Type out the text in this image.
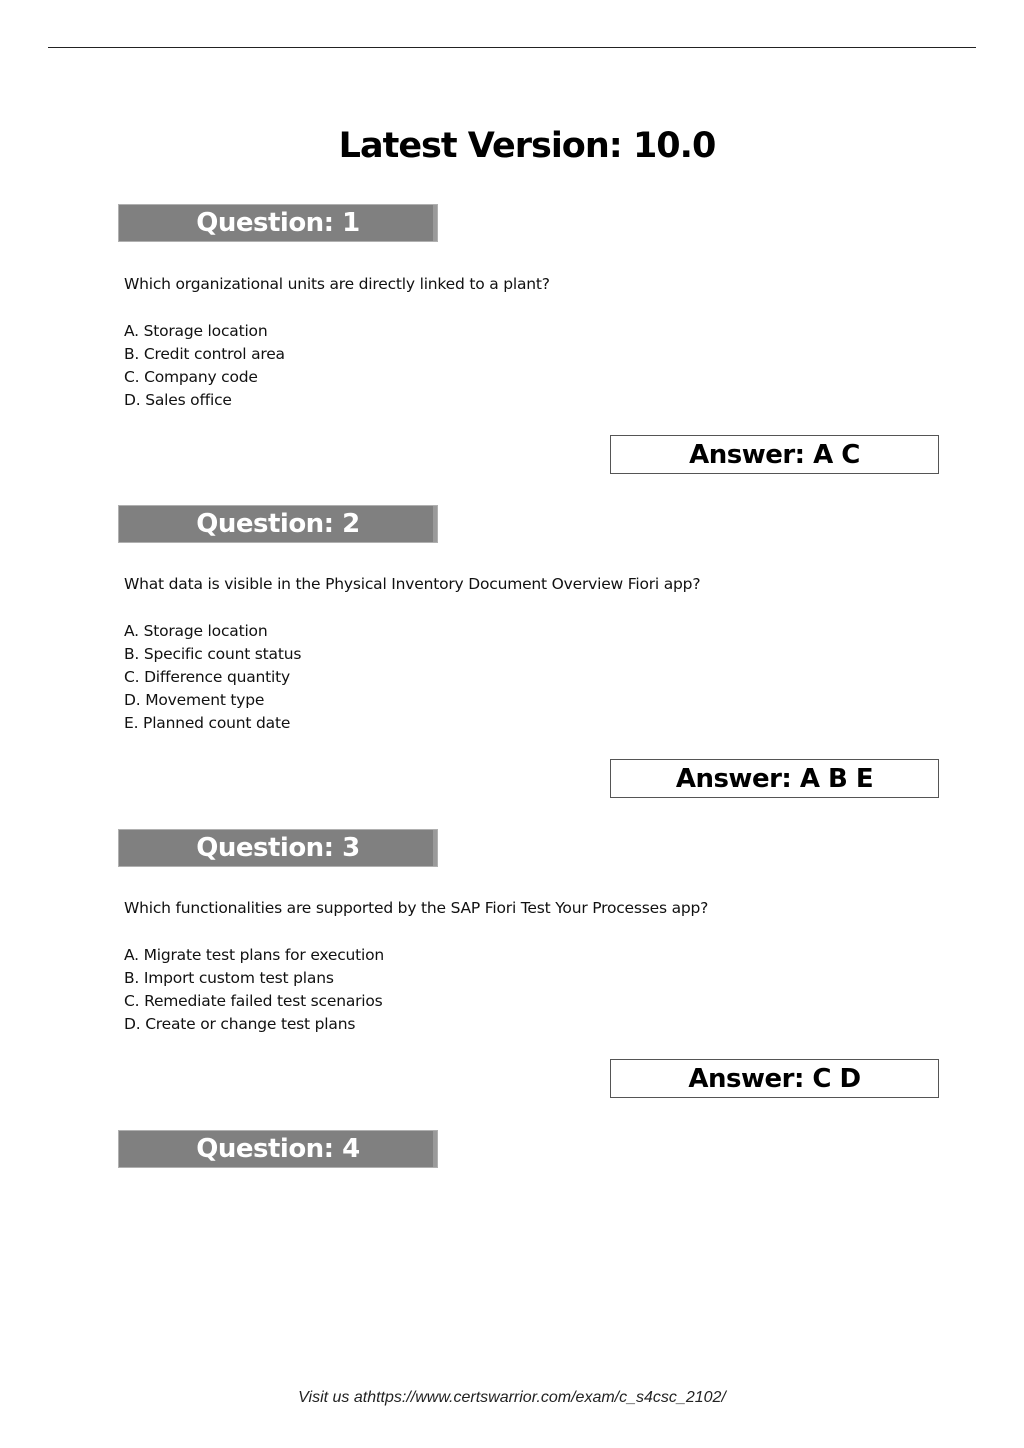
Latest Version: 10.0
Question: 1
Which organizational units are directly linked to a plant?
A. Storage location
B. Credit control area
C. Company code
D. Sales office
Answer: A C
Question: 2
What data is visible in the Physical Inventory Document Overview Fiori app?
A. Storage location
B. Specific count status
C. Difference quantity
D. Movement type
E. Planned count date
Answer: A B E
Question: 3
Which functionalities are supported by the SAP Fiori Test Your Processes app?
A. Migrate test plans for execution
B. Import custom test plans
C. Remediate failed test scenarios
D. Create or change test plans
Answer: C D
Question: 4
Visit us athttps://www.certswarrior.com/exam/c_s4csc_2102/
